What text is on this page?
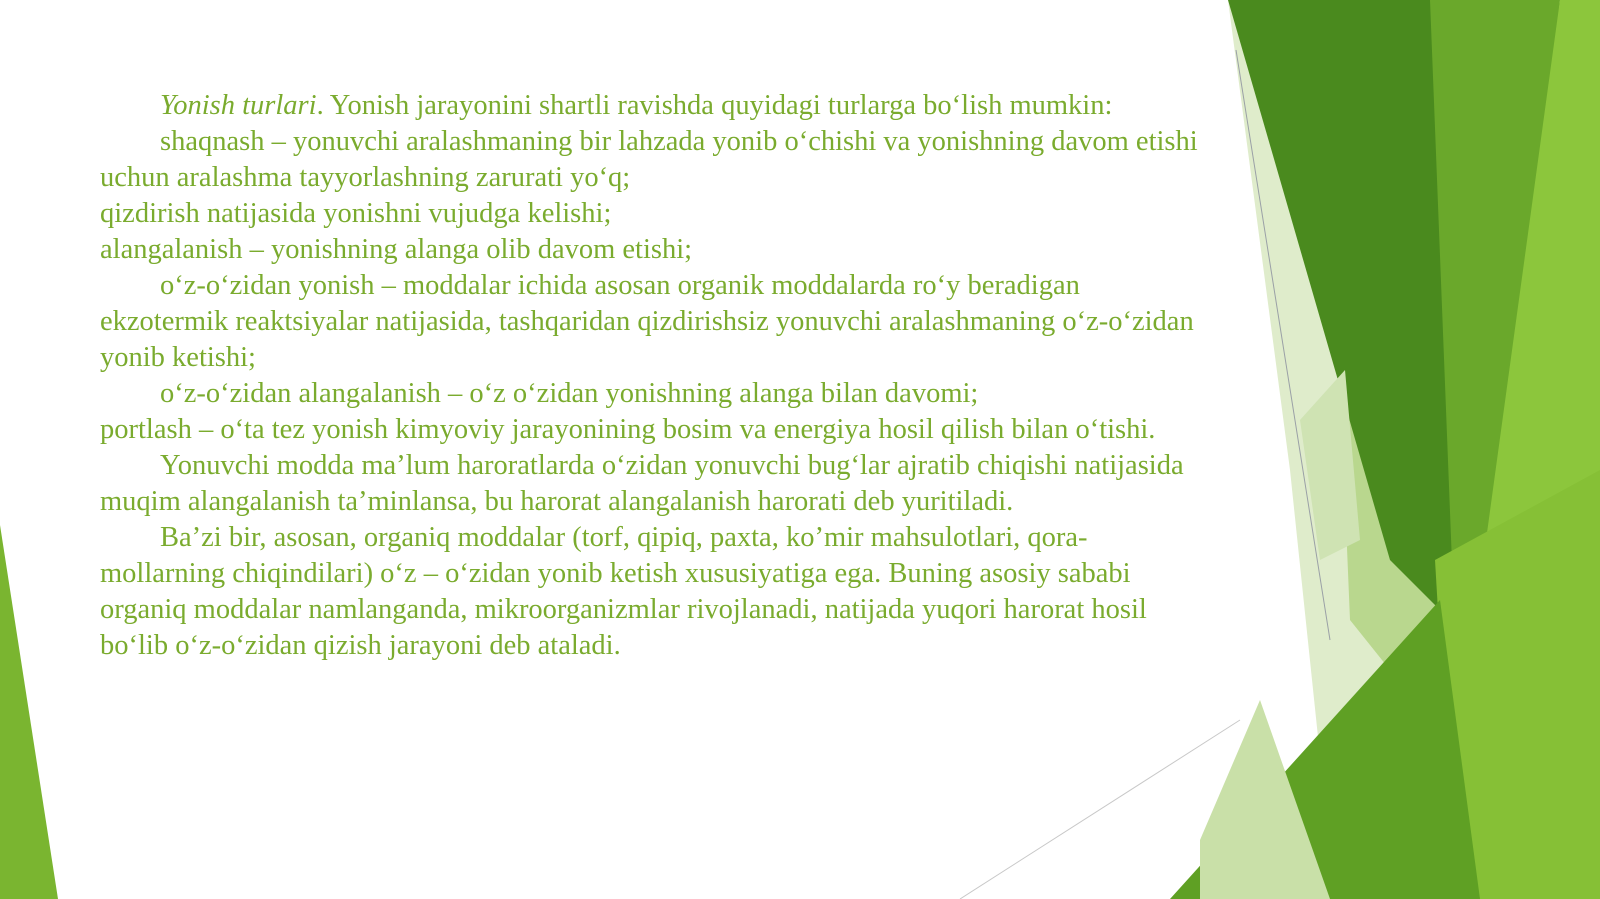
Yonish turlari. Yonish jarayonini shartli ravishda quyidagi turlarga bo‘lish mumkin:

shaqnash – yonuvchi aralashmaning bir lahzada yonib o‘chishi va yonishning davom etishi uchun aralashma tayyorlashning zarurati yo‘q;

qizdirish natijasida yonishni vujudga kelishi;

alangalanish – yonishning alanga olib davom etishi;

o‘z-o‘zidan yonish – moddalar ichida asosan organik moddalarda ro‘y beradigan ekzotermik reaktsiyalar natijasida, tashqaridan qizdirishsiz yonuvchi aralashmaning o‘z-o‘zidan yonib ketishi;

o‘z-o‘zidan alangalanish – o‘z o‘zidan yonishning alanga bilan davomi;

portlash – o‘ta tez yonish kimyoviy jarayonining bosim va energiya hosil qilish bilan o‘tishi.

Yonuvchi modda ma’lum haroratlarda o‘zidan yonuvchi bug‘lar ajratib chiqishi natijasida muqim alangalanish ta’minlansa, bu harorat alangalanish harorati deb yuritiladi.

Ba’zi bir, asosan, organiq moddalar (torf, qipiq, paxta, ko’mir mahsulotlari, qora-mollarning chiqindilari) o‘z – o‘zidan yonib ketish xususiyatiga ega. Buning asosiy sababi organiq moddalar namlanganda, mikroorganizmlar rivojlanadi, natijada yuqori harorat hosil bo‘lib o‘z-o‘zidan qizish jarayoni deb ataladi.
